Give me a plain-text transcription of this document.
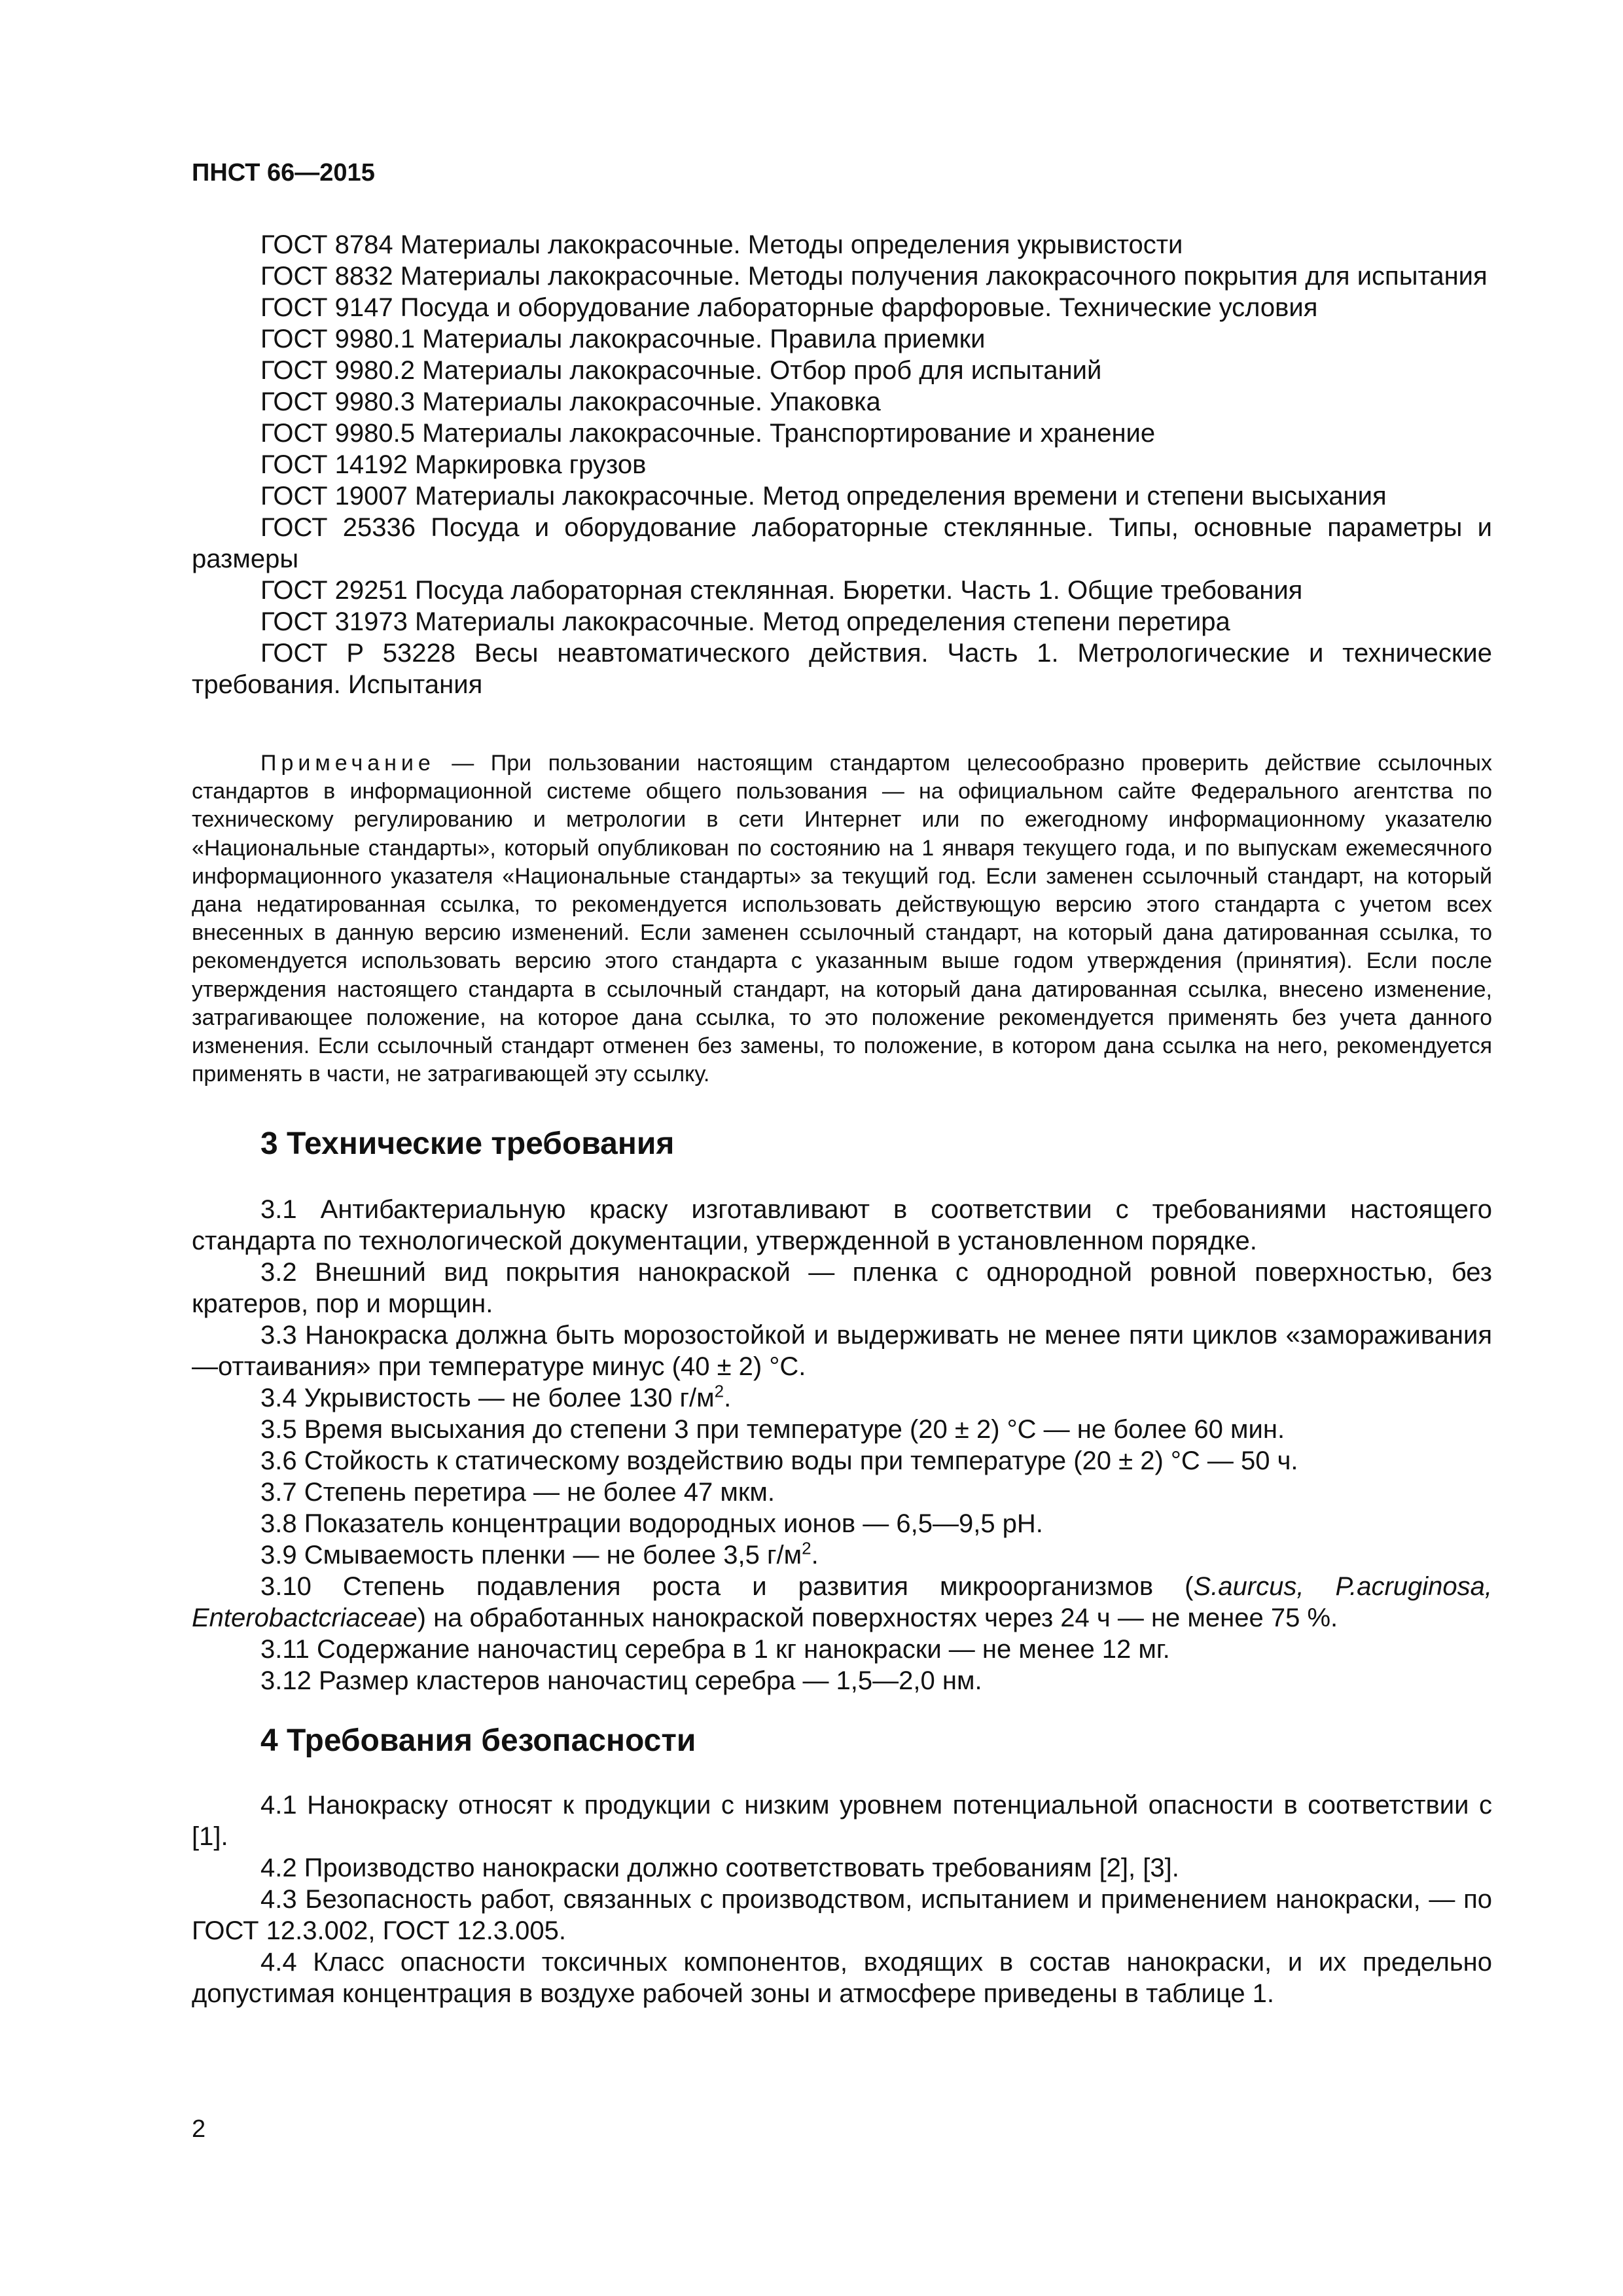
ПНСТ 66—2015

ГОСТ 8784 Материалы лакокрасочные. Методы определения укрывистости

ГОСТ 8832 Материалы лакокрасочные. Методы получения лакокрасочного покрытия для испытания

ГОСТ 9147 Посуда и оборудование лабораторные фарфоровые. Технические условия

ГОСТ 9980.1 Материалы лакокрасочные. Правила приемки

ГОСТ 9980.2 Материалы лакокрасочные. Отбор проб для испытаний

ГОСТ 9980.3 Материалы лакокрасочные. Упаковка

ГОСТ 9980.5 Материалы лакокрасочные. Транспортирование и хранение

ГОСТ 14192 Маркировка грузов

ГОСТ 19007 Материалы лакокрасочные. Метод определения времени и степени высыхания

ГОСТ 25336 Посуда и оборудование лабораторные стеклянные. Типы, основные параметры и размеры

ГОСТ 29251 Посуда лабораторная стеклянная. Бюретки. Часть 1. Общие требования

ГОСТ 31973 Материалы лакокрасочные. Метод определения степени перетира

ГОСТ Р 53228 Весы неавтоматического действия. Часть 1. Метрологические и технические требования. Испытания

Примечание — При пользовании настоящим стандартом целесообразно проверить действие ссылочных стандартов в информационной системе общего пользования — на официальном сайте Федерального агентства по техническому регулированию и метрологии в сети Интернет или по ежегодному информационному указателю «Национальные стандарты», который опубликован по состоянию на 1 января текущего года, и по выпускам ежемесячного информационного указателя «Национальные стандарты» за текущий год. Если заменен ссылочный стандарт, на который дана недатированная ссылка, то рекомендуется использовать действующую версию этого стандарта с учетом всех внесенных в данную версию изменений. Если заменен ссылочный стандарт, на который дана датированная ссылка, то рекомендуется использовать версию этого стандарта с указанным выше годом утверждения (принятия). Если после утверждения настоящего стандарта в ссылочный стандарт, на который дана датированная ссылка, внесено изменение, затрагивающее положение, на которое дана ссылка, то это положение рекомендуется применять без учета данного изменения. Если ссылочный стандарт отменен без замены, то положение, в котором дана ссылка на него, рекомендуется применять в части, не затрагивающей эту ссылку.

3 Технические требования

3.1 Антибактериальную краску изготавливают в соответствии с требованиями настоящего стандарта по технологической документации, утвержденной в установленном порядке.

3.2 Внешний вид покрытия нанокраской — пленка с однородной ровной поверхностью, без кратеров, пор и морщин.

3.3 Нанокраска должна быть морозостойкой и выдерживать не менее пяти циклов «замораживания—оттаивания» при температуре минус (40 ± 2) °С.

3.4 Укрывистость — не более 130 $г/м^2$.

3.5 Время высыхания до степени 3 при температуре (20 ± 2) °С — не более 60 мин.

3.6 Стойкость к статическому воздействию воды при температуре (20 ± 2) °С — 50 ч.

3.7 Степень перетира — не более 47 мкм.

3.8 Показатель концентрации водородных ионов — 6,5—9,5 pH.

3.9 Смываемость пленки — не более 3,5 $г/м^2$.

3.10 Степень подавления роста и развития микроорганизмов (S.aurcus, P.acruginosa, Enterobactcriaceae) на обработанных нанокраской поверхностях через 24 ч — не менее 75 %.

3.11 Содержание наночастиц серебра в 1 кг нанокраски — не менее 12 мг.

3.12 Размер кластеров наночастиц серебра — 1,5—2,0 нм.

4 Требования безопасности

4.1 Нанокраску относят к продукции с низким уровнем потенциальной опасности в соответствии с [1].

4.2 Производство нанокраски должно соответствовать требованиям [2], [3].

4.3 Безопасность работ, связанных с производством, испытанием и применением нанокраски, — по ГОСТ 12.3.002, ГОСТ 12.3.005.

4.4 Класс опасности токсичных компонентов, входящих в состав нанокраски, и их предельно допустимая концентрация в воздухе рабочей зоны и атмосфере приведены в таблице 1.

2
